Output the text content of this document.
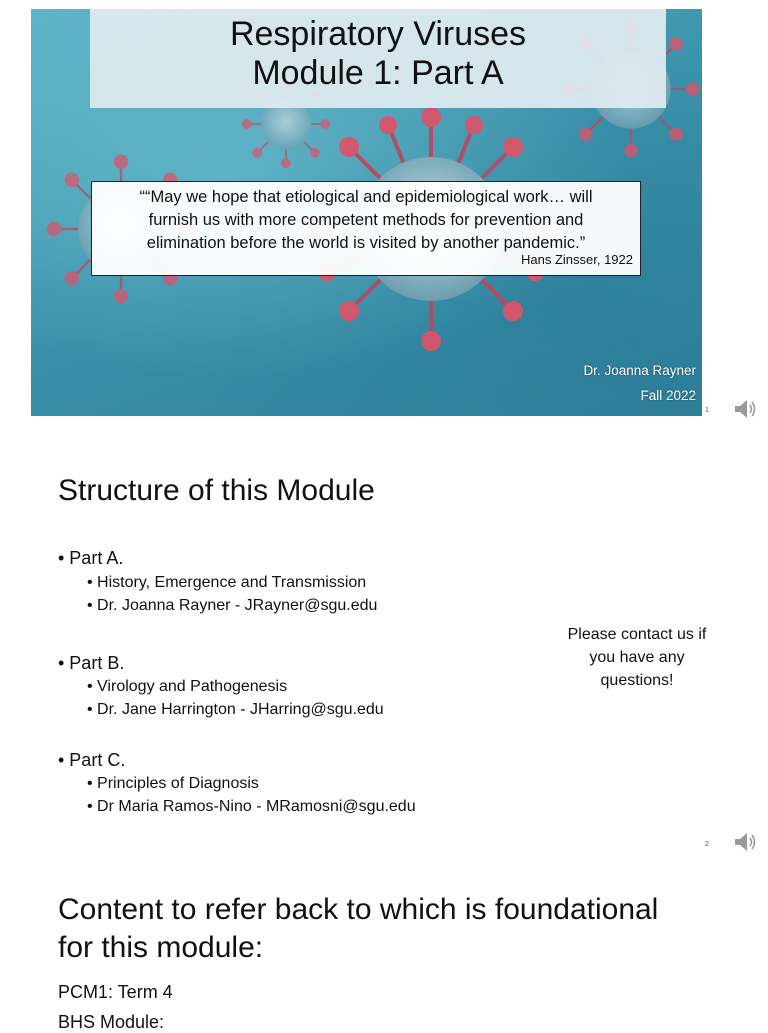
Respiratory Viruses
Module 1: Part A
““May we hope that etiological and epidemiological work… will
furnish us with more competent methods for prevention and
elimination before the world is visited by another pandemic.”
Hans Zinsser, 1922
Dr. Joanna Rayner
Fall 2022
1
Structure of this Module
• Part A.
• History, Emergence and Transmission
• Dr. Joanna Rayner - JRayner@sgu.edu
• Part B.
• Virology and Pathogenesis
• Dr. Jane Harrington - JHarring@sgu.edu
• Part C.
• Principles of Diagnosis
• Dr Maria Ramos-Nino - MRamosni@sgu.edu
Please contact us if
you have any
questions!
2
Content to refer back to which is foundational
for this module:
PCM1: Term 4
BHS Module:
